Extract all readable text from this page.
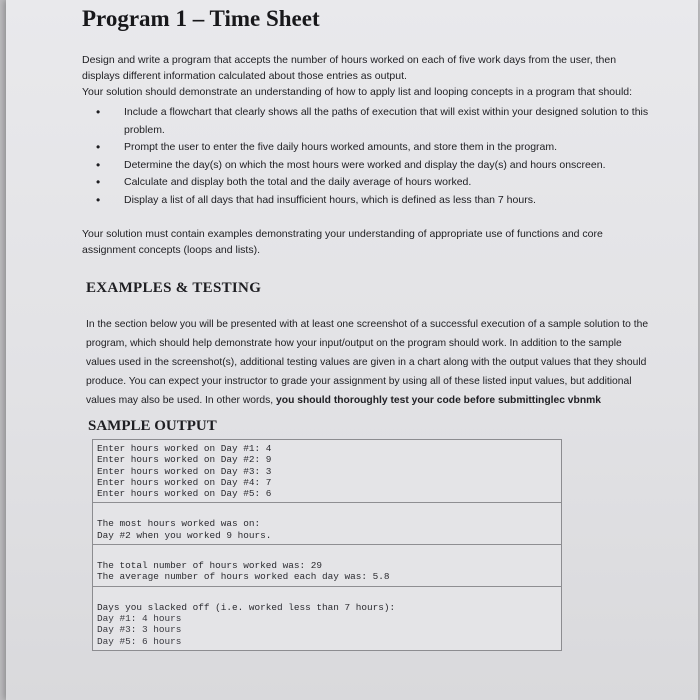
Program 1 – Time Sheet

Design and write a program that accepts the number of hours worked on each of five work days from the user, then displays different information calculated about those entries as output.

Your solution should demonstrate an understanding of how to apply list and looping concepts in a program that should:

• Include a flowchart that clearly shows all the paths of execution that will exist within your designed solution to this problem.
• Prompt the user to enter the five daily hours worked amounts, and store them in the program.
• Determine the day(s) on which the most hours were worked and display the day(s) and hours onscreen.
• Calculate and display both the total and the daily average of hours worked.
• Display a list of all days that had insufficient hours, which is defined as less than 7 hours.

Your solution must contain examples demonstrating your understanding of appropriate use of functions and core assignment concepts (loops and lists).

EXAMPLES & TESTING

In the section below you will be presented with at least one screenshot of a successful execution of a sample solution to the program, which should help demonstrate how your input/output on the program should work. In addition to the sample values used in the screenshot(s), additional testing values are given in a chart along with the output values that they should produce. You can expect your instructor to grade your assignment by using all of these listed input values, but additional values may also be used. In other words, you should thoroughly test your code before submittinglec vbnmk

SAMPLE OUTPUT
Enter hours worked on Day #1: 4
Enter hours worked on Day #2: 9
Enter hours worked on Day #3: 3
Enter hours worked on Day #4: 7
Enter hours worked on Day #5: 6
The most hours worked was on:
Day #2 when you worked 9 hours.
The total number of hours worked was: 29
The average number of hours worked each day was: 5.8
Days you slacked off (i.e. worked less than 7 hours):
Day #1: 4 hours
Day #3: 3 hours
Day #5: 6 hours
